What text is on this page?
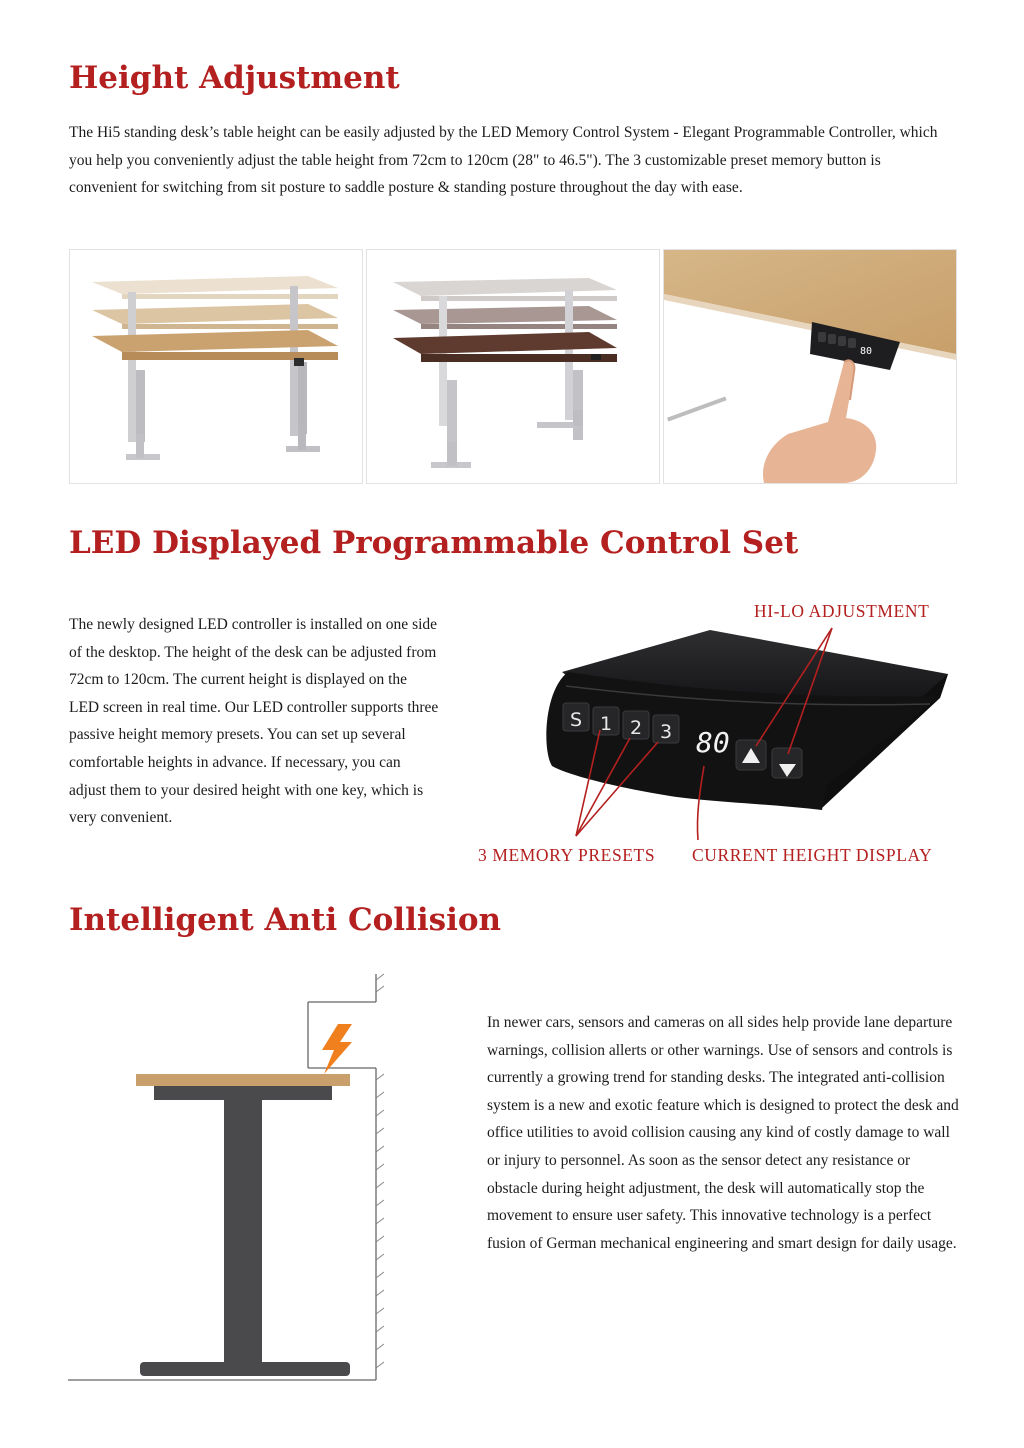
Height Adjustment

The Hi5 standing desk’s table height can be easily adjusted by the LED Memory Control System - Elegant Programmable Controller, which you help you conveniently adjust the table height from 72cm to 120cm (28" to 46.5"). The 3 customizable preset memory button is convenient for switching from sit posture to saddle posture & standing posture throughout the day with ease.

80
LED Displayed Programmable Control Set

The newly designed LED controller is installed on one side of the desktop. The height of the desk can be adjusted from 72cm to 120cm. The current height is displayed on the LED screen in real time. Our LED controller supports three passive height memory presets. You can set up several comfortable heights in advance. If necessary, you can adjust them to your desired height with one key, which is very convenient.

S 1 2 3 80
HI-LO ADJUSTMENT
3 MEMORY PRESETS CURRENT HEIGHT DISPLAY
Intelligent Anti Collision

In newer cars, sensors and cameras on all sides help provide lane departure warnings, collision allerts or other warnings. Use of sensors and controls is currently a growing trend for standing desks. The integrated anti-collision system is a new and exotic feature which is designed to protect the desk and office utilities to avoid collision causing any kind of costly damage to wall or injury to personnel. As soon as the sensor detect any resistance or obstacle during height adjustment, the desk will automatically stop the movement to ensure user safety. This innovative technology is a perfect fusion of German mechanical engineering and smart design for daily usage.
